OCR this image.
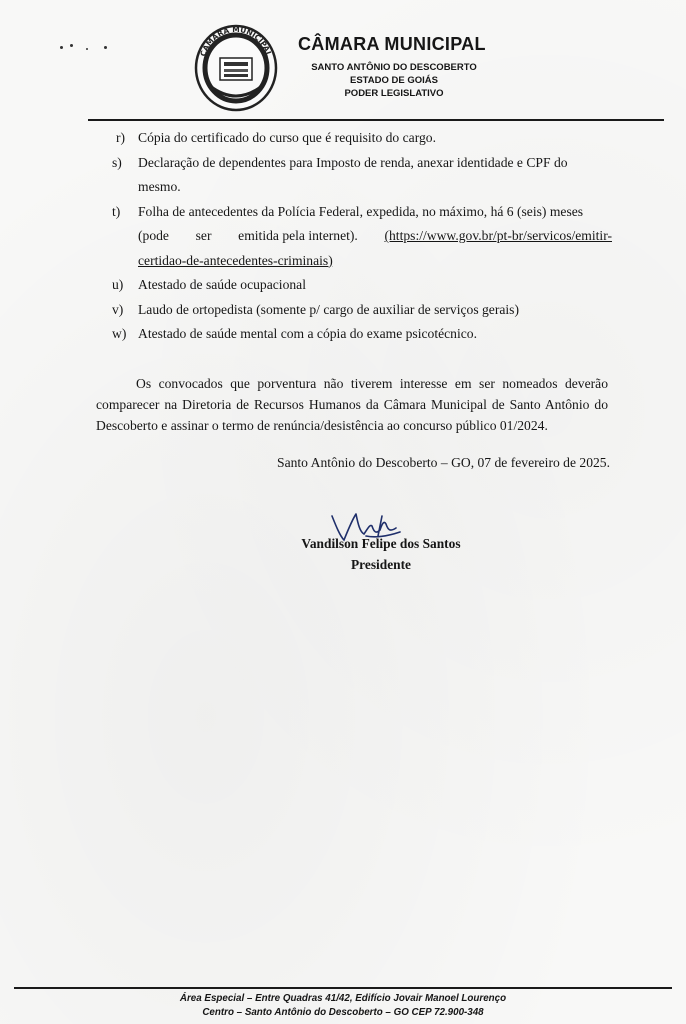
CÂMARA MUNICIPAL CÂMARA MUNICIPAL
SANTO ANTÔNIO DO DESCOBERTO
ESTADO DE GOIÁS
PODER LEGISLATIVO
r) Cópia do certificado do curso que é requisito do cargo.
s)	Declaração de dependentes para Imposto de renda, anexar identidade e CPF do
mesmo.
t)	Folha de antecedentes da Polícia Federal, expedida, no máximo, há 6 (seis) meses
(pode ser emitida pela internet). (https://www.gov.br/pt-br/servicos/emitir-
certidao-de-antecedentes-criminais)
u)	Atestado de saúde ocupacional
v)	Laudo de ortopedista (somente p/ cargo de auxiliar de serviços gerais)
w) Atestado de saúde mental com a cópia do exame psicotécnico.
Os convocados que porventura não tiverem interesse em ser nomeados deverão comparecer na Diretoria de Recursos Humanos da Câmara Municipal de Santo Antônio do Descoberto e assinar o termo de renúncia/desistência ao concurso público 01/2024.
Santo Antônio do Descoberto – GO, 07 de fevereiro de 2025.
Vandilson Felipe dos Santos
Presidente
Área Especial – Entre Quadras 41/42, Edifício Jovair Manoel Lourenço
Centro – Santo Antônio do Descoberto – GO CEP 72.900-348
